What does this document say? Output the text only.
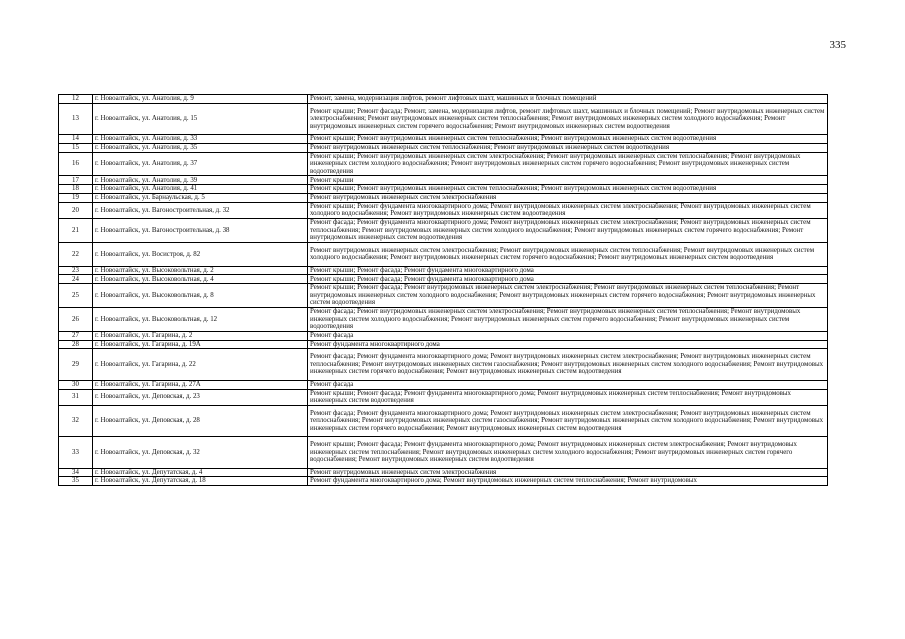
335
12	г. Новоалтайск, ул. Анатолия, д. 9	Ремонт, замена, модернизация лифтов, ремонт лифтовых шахт, машинных и блочных помещений
13	г. Новоалтайск, ул. Анатолия, д. 15	Ремонт крыши; Ремонт фасада; Ремонт, замена, модернизация лифтов, ремонт лифтовых шахт, машинных и блочных помещений; Ремонт внутридомовых инженерных систем электроснабжения; Ремонт внутридомовых инженерных систем теплоснабжения; Ремонт внутридомовых инженерных систем холодного водоснабжения; Ремонт внутридомовых инженерных систем горячего водоснабжения; Ремонт внутридомовых инженерных систем водоотведения
14	г. Новоалтайск, ул. Анатолия, д. 33	Ремонт крыши; Ремонт внутридомовых инженерных систем теплоснабжения; Ремонт внутридомовых инженерных систем водоотведения
15	г. Новоалтайск, ул. Анатолия, д. 35	Ремонт внутридомовых инженерных систем теплоснабжения; Ремонт внутридомовых инженерных систем водоотведения
16	г. Новоалтайск, ул. Анатолия, д. 37	Ремонт крыши; Ремонт внутридомовых инженерных систем электроснабжения; Ремонт внутридомовых инженерных систем теплоснабжения; Ремонт внутридомовых инженерных систем холодного водоснабжения; Ремонт внутридомовых инженерных систем горячего водоснабжения; Ремонт внутридомовых инженерных систем водоотведения
17	г. Новоалтайск, ул. Анатолия, д. 39	Ремонт крыши
18	г. Новоалтайск, ул. Анатолия, д. 41	Ремонт крыши; Ремонт внутридомовых инженерных систем теплоснабжения; Ремонт внутридомовых инженерных систем водоотведения
19	г. Новоалтайск, ул. Барнаульская, д. 5	Ремонт внутридомовых инженерных систем электроснабжения
20	г. Новоалтайск, ул. Вагоностроительная, д. 32	Ремонт крыши; Ремонт фундамента многоквартирного дома; Ремонт внутридомовых инженерных систем электроснабжения; Ремонт внутридомовых инженерных систем холодного водоснабжения; Ремонт внутридомовых инженерных систем водоотведения
21	г. Новоалтайск, ул. Вагоностроительная, д. 38	Ремонт фасада; Ремонт фундамента многоквартирного дома; Ремонт внутридомовых инженерных систем электроснабжения; Ремонт внутридомовых инженерных систем теплоснабжения; Ремонт внутридомовых инженерных систем холодного водоснабжения; Ремонт внутридомовых инженерных систем горячего водоснабжения; Ремонт внутридомовых инженерных систем водоотведения
22	г. Новоалтайск, ул. Восистроя, д. 82	Ремонт внутридомовых инженерных систем электроснабжения; Ремонт внутридомовых инженерных систем теплоснабжения; Ремонт внутридомовых инженерных систем холодного водоснабжения; Ремонт внутридомовых инженерных систем горячего водоснабжения; Ремонт внутридомовых инженерных систем водоотведения
23	г. Новоалтайск, ул. Высоковольтная, д. 2	Ремонт крыши; Ремонт фасада; Ремонт фундамента многоквартирного дома
24	г. Новоалтайск, ул. Высоковольтная, д. 4	Ремонт крыши; Ремонт фасада; Ремонт фундамента многоквартирного дома
25	г. Новоалтайск, ул. Высоковольтная, д. 8	Ремонт крыши; Ремонт фасада; Ремонт внутридомовых инженерных систем электроснабжения; Ремонт внутридомовых инженерных систем теплоснабжения; Ремонт внутридомовых инженерных систем холодного водоснабжения; Ремонт внутридомовых инженерных систем горячего водоснабжения; Ремонт внутридомовых инженерных систем водоотведения
26	г. Новоалтайск, ул. Высоковольтная, д. 12	Ремонт фасада; Ремонт внутридомовых инженерных систем электроснабжения; Ремонт внутридомовых инженерных систем теплоснабжения; Ремонт внутридомовых инженерных систем холодного водоснабжения; Ремонт внутридомовых инженерных систем горячего водоснабжения; Ремонт внутридомовых инженерных систем водоотведения
27	г. Новоалтайск, ул. Гагарина, д. 2	Ремонт фасада
28	г. Новоалтайск, ул. Гагарина, д. 19А	Ремонт фундамента многоквартирного дома
29	г. Новоалтайск, ул. Гагарина, д. 22	Ремонт фасада; Ремонт фундамента многоквартирного дома; Ремонт внутридомовых инженерных систем электроснабжения; Ремонт внутридомовых инженерных систем теплоснабжения; Ремонт внутридомовых инженерных систем газоснабжения; Ремонт внутридомовых инженерных систем холодного водоснабжения; Ремонт внутридомовых инженерных систем горячего водоснабжения; Ремонт внутридомовых инженерных систем водоотведения
30	г. Новоалтайск, ул. Гагарина, д. 27А	Ремонт фасада
31	г. Новоалтайск, ул. Деповская, д. 23	Ремонт крыши; Ремонт фасада; Ремонт фундамента многоквартирного дома; Ремонт внутридомовых инженерных систем теплоснабжения; Ремонт внутридомовых инженерных систем водоотведения
32	г. Новоалтайск, ул. Деповская, д. 28	Ремонт фасада; Ремонт фундамента многоквартирного дома; Ремонт внутридомовых инженерных систем электроснабжения; Ремонт внутридомовых инженерных систем теплоснабжения; Ремонт внутридомовых инженерных систем газоснабжения; Ремонт внутридомовых инженерных систем холодного водоснабжения; Ремонт внутридомовых инженерных систем горячего водоснабжения; Ремонт внутридомовых инженерных систем водоотведения
33	г. Новоалтайск, ул. Деповская, д. 32	Ремонт крыши; Ремонт фасада; Ремонт фундамента многоквартирного дома; Ремонт внутридомовых инженерных систем электроснабжения; Ремонт внутридомовых инженерных систем теплоснабжения; Ремонт внутридомовых инженерных систем холодного водоснабжения; Ремонт внутридомовых инженерных систем горячего водоснабжения; Ремонт внутридомовых инженерных систем водоотведения
34	г. Новоалтайск, ул. Депутатская, д. 4	Ремонт внутридомовых инженерных систем электроснабжения
35	г. Новоалтайск, ул. Депутатская, д. 18	Ремонт фундамента многоквартирного дома; Ремонт внутридомовых инженерных систем теплоснабжения; Ремонт внутридомовых
